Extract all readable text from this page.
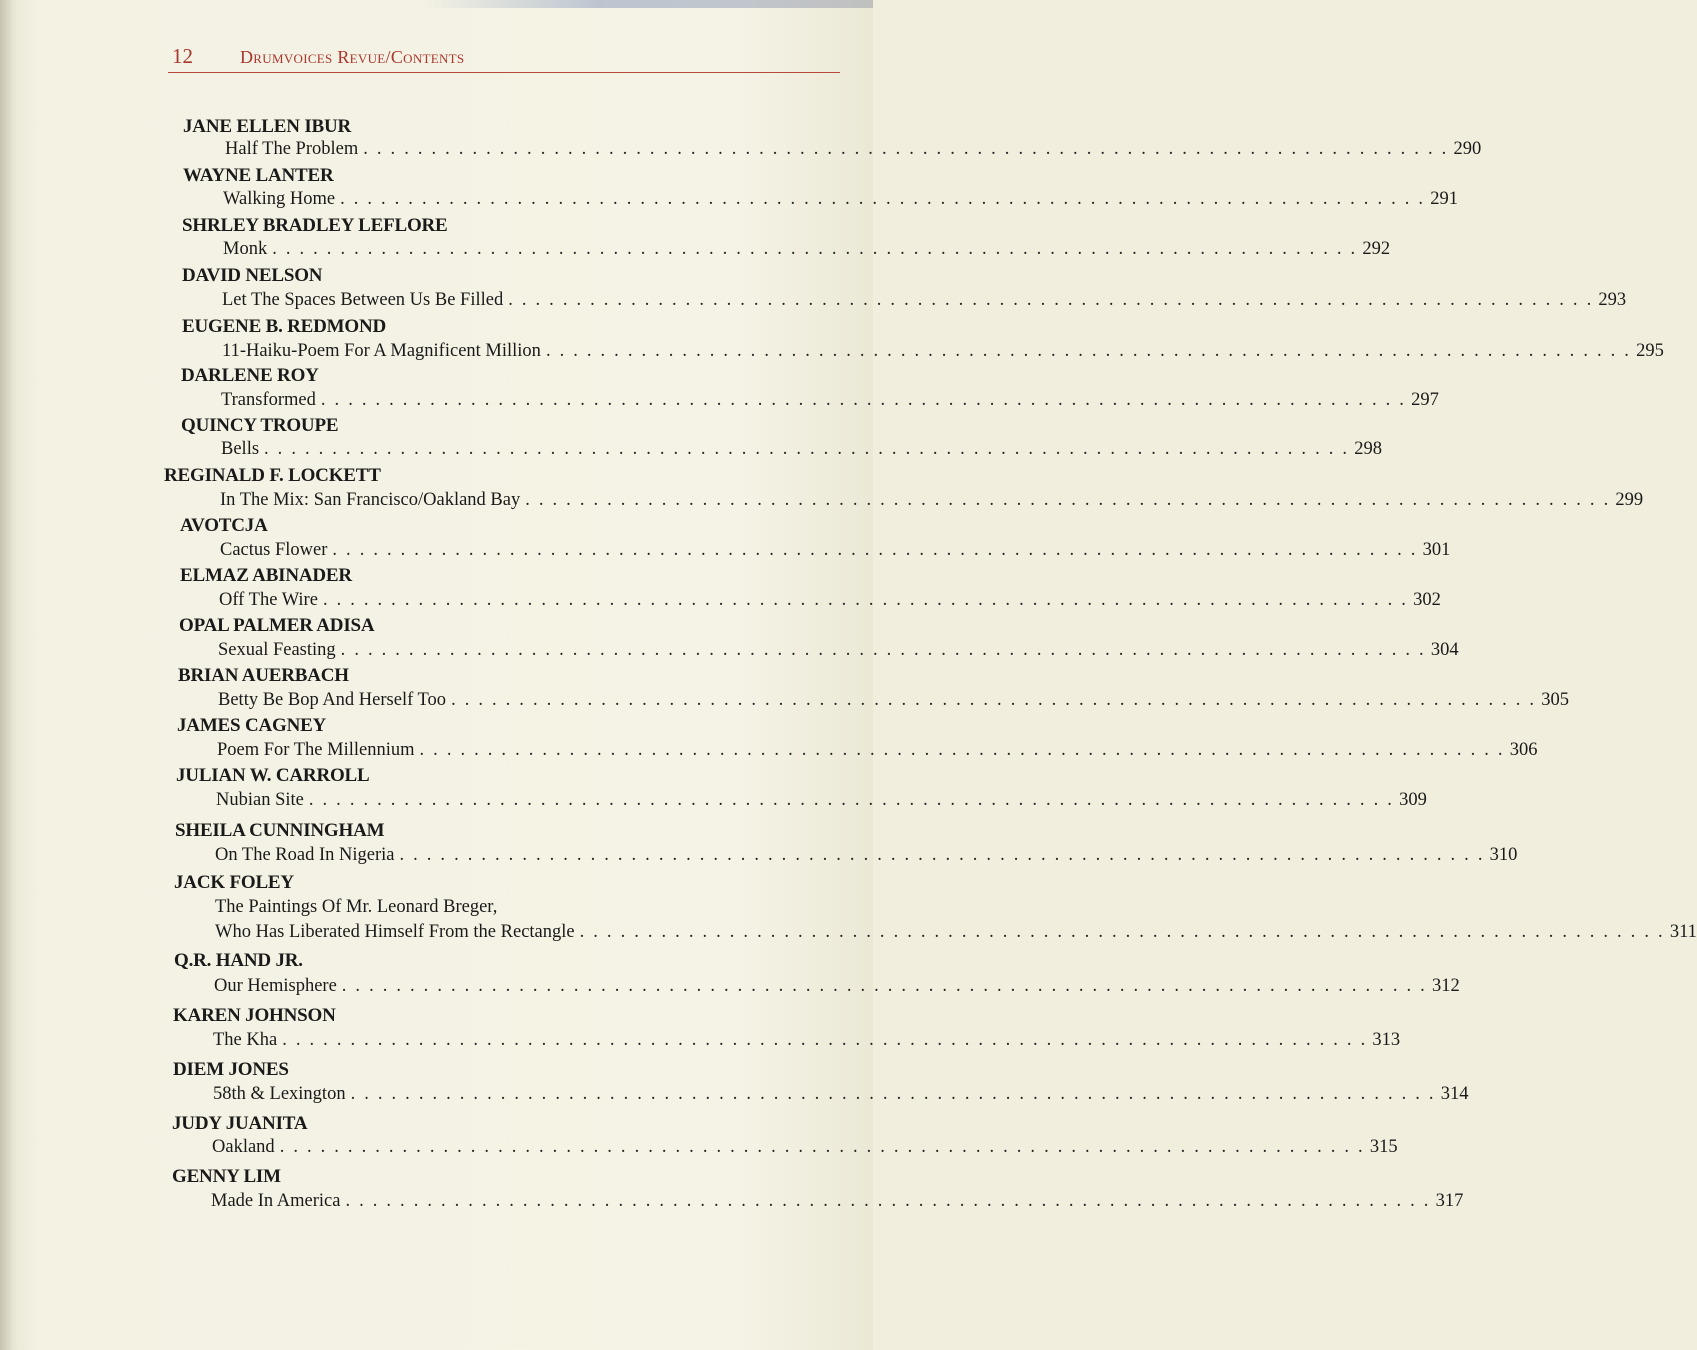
12	Drumvoices Revue/Contents
JANE ELLEN IBUR
Half The Problem . . . . . . . . . . . . . . . . . . . . . . . . . . . . . . . . . . . . . . . . . . . . . . . . . . . . . . . . . . . . . . . . . . . . . . . . . . . . . . . . 290
WAYNE LANTER
Walking Home . . . . . . . . . . . . . . . . . . . . . . . . . . . . . . . . . . . . . . . . . . . . . . . . . . . . . . . . . . . . . . . . . . . . . . . . . . . . . . . . 291
SHRLEY BRADLEY LEFLORE
Monk . . . . . . . . . . . . . . . . . . . . . . . . . . . . . . . . . . . . . . . . . . . . . . . . . . . . . . . . . . . . . . . . . . . . . . . . . . . . . . . . 292
DAVID NELSON
Let The Spaces Between Us Be Filled . . . . . . . . . . . . . . . . . . . . . . . . . . . . . . . . . . . . . . . . . . . . . . . . . . . . . . . . . . . . . . . . . . . . . . . . . . . . . . . . 293
EUGENE B. REDMOND
11-Haiku-Poem For A Magnificent Million . . . . . . . . . . . . . . . . . . . . . . . . . . . . . . . . . . . . . . . . . . . . . . . . . . . . . . . . . . . . . . . . . . . . . . . . . . . . . . . . 295
DARLENE ROY
Transformed . . . . . . . . . . . . . . . . . . . . . . . . . . . . . . . . . . . . . . . . . . . . . . . . . . . . . . . . . . . . . . . . . . . . . . . . . . . . . . . . 297
QUINCY TROUPE
Bells . . . . . . . . . . . . . . . . . . . . . . . . . . . . . . . . . . . . . . . . . . . . . . . . . . . . . . . . . . . . . . . . . . . . . . . . . . . . . . . . 298
REGINALD F. LOCKETT
In The Mix: San Francisco/Oakland Bay . . . . . . . . . . . . . . . . . . . . . . . . . . . . . . . . . . . . . . . . . . . . . . . . . . . . . . . . . . . . . . . . . . . . . . . . . . . . . . . . 299
AVOTCJA
Cactus Flower . . . . . . . . . . . . . . . . . . . . . . . . . . . . . . . . . . . . . . . . . . . . . . . . . . . . . . . . . . . . . . . . . . . . . . . . . . . . . . . . 301
ELMAZ ABINADER
Off The Wire . . . . . . . . . . . . . . . . . . . . . . . . . . . . . . . . . . . . . . . . . . . . . . . . . . . . . . . . . . . . . . . . . . . . . . . . . . . . . . . . 302
OPAL PALMER ADISA
Sexual Feasting . . . . . . . . . . . . . . . . . . . . . . . . . . . . . . . . . . . . . . . . . . . . . . . . . . . . . . . . . . . . . . . . . . . . . . . . . . . . . . . . 304
BRIAN AUERBACH
Betty Be Bop And Herself Too . . . . . . . . . . . . . . . . . . . . . . . . . . . . . . . . . . . . . . . . . . . . . . . . . . . . . . . . . . . . . . . . . . . . . . . . . . . . . . . . 305
JAMES CAGNEY
Poem For The Millennium . . . . . . . . . . . . . . . . . . . . . . . . . . . . . . . . . . . . . . . . . . . . . . . . . . . . . . . . . . . . . . . . . . . . . . . . . . . . . . . . 306
JULIAN W. CARROLL
Nubian Site . . . . . . . . . . . . . . . . . . . . . . . . . . . . . . . . . . . . . . . . . . . . . . . . . . . . . . . . . . . . . . . . . . . . . . . . . . . . . . . . 309
SHEILA CUNNINGHAM
On The Road In Nigeria . . . . . . . . . . . . . . . . . . . . . . . . . . . . . . . . . . . . . . . . . . . . . . . . . . . . . . . . . . . . . . . . . . . . . . . . . . . . . . . . 310
JACK FOLEY
The Paintings Of Mr. Leonard Breger,
Who Has Liberated Himself From the Rectangle . . . . . . . . . . . . . . . . . . . . . . . . . . . . . . . . . . . . . . . . . . . . . . . . . . . . . . . . . . . . . . . . . . . . . . . . . . . . . . . . 311
Q.R. HAND JR.
Our Hemisphere . . . . . . . . . . . . . . . . . . . . . . . . . . . . . . . . . . . . . . . . . . . . . . . . . . . . . . . . . . . . . . . . . . . . . . . . . . . . . . . . 312
KAREN JOHNSON
The Kha . . . . . . . . . . . . . . . . . . . . . . . . . . . . . . . . . . . . . . . . . . . . . . . . . . . . . . . . . . . . . . . . . . . . . . . . . . . . . . . . 313
DIEM JONES
58th & Lexington . . . . . . . . . . . . . . . . . . . . . . . . . . . . . . . . . . . . . . . . . . . . . . . . . . . . . . . . . . . . . . . . . . . . . . . . . . . . . . . . 314
JUDY JUANITA
Oakland . . . . . . . . . . . . . . . . . . . . . . . . . . . . . . . . . . . . . . . . . . . . . . . . . . . . . . . . . . . . . . . . . . . . . . . . . . . . . . . . 315
GENNY LIM
Made In America . . . . . . . . . . . . . . . . . . . . . . . . . . . . . . . . . . . . . . . . . . . . . . . . . . . . . . . . . . . . . . . . . . . . . . . . . . . . . . . . 317
